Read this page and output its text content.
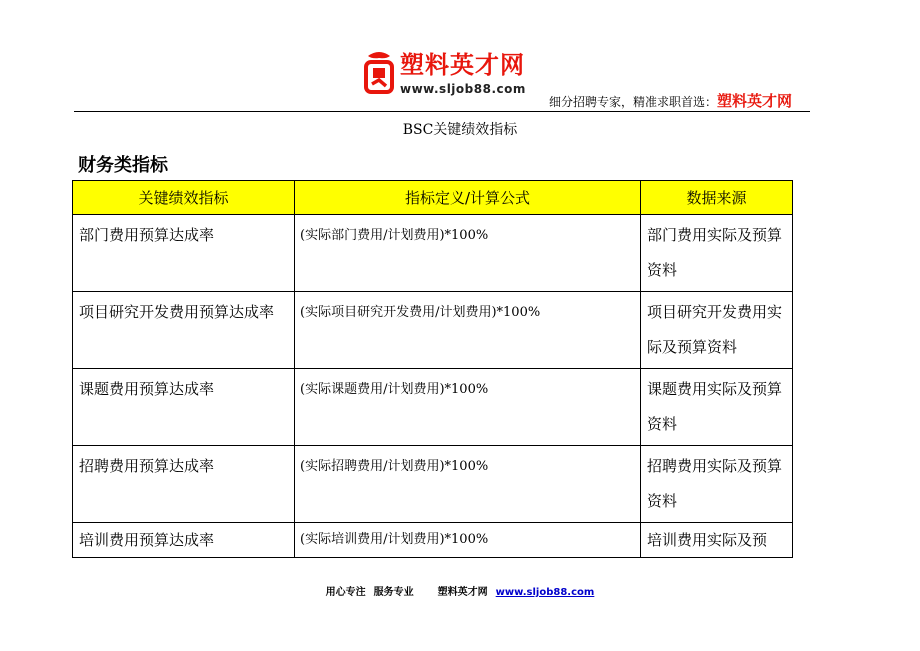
塑料英才网
www.sljob88.com
细分招聘专家，精准求职首选：塑料英才网
BSC关键绩效指标
财务类指标
关键绩效指标	指标定义/计算公式	数据来源
部门费用预算达成率	(实际部门费用/计划费用)*100%	部门费用实际及预算资料
项目研究开发费用预算达成率	(实际项目研究开发费用/计划费用)*100%	项目研究开发费用实际及预算资料
课题费用预算达成率	(实际课题费用/计划费用)*100%	课题费用实际及预算资料
招聘费用预算达成率	(实际招聘费用/计划费用)*100%	招聘费用实际及预算资料
培训费用预算达成率	(实际培训费用/计划费用)*100%	培训费用实际及预
用心专注 服务专业 塑料英才网 www.sljob88.com
